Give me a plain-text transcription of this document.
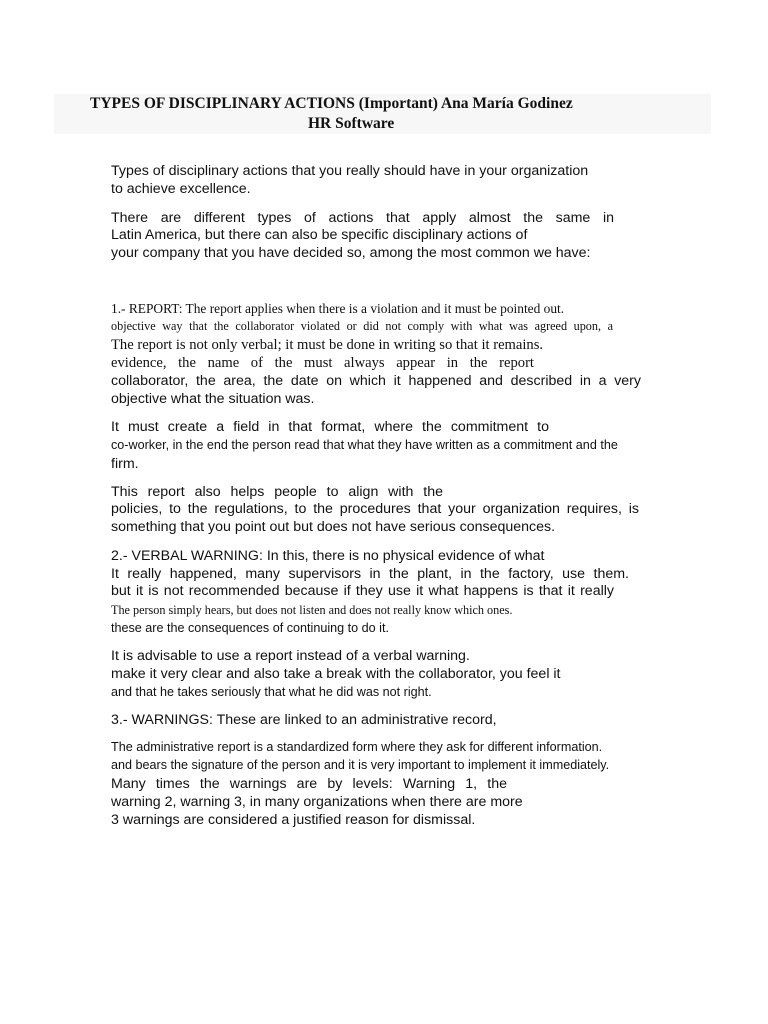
TYPES OF DISCIPLINARY ACTIONS (Important) Ana María Godinez
HR Software

Types of disciplinary actions that you really should have in your organization

to achieve excellence.

There are different types of actions that apply almost the same in

Latin America, but there can also be specific disciplinary actions of

your company that you have decided so, among the most common we have:

1.- REPORT: The report applies when there is a violation and it must be pointed out.

objective way that the collaborator violated or did not comply with what was agreed upon, a

The report is not only verbal; it must be done in writing so that it remains.

evidence, the name of the must always appear in the report

collaborator, the area, the date on which it happened and described in a very

objective what the situation was.

It must create a field in that format, where the commitment to

co-worker, in the end the person read that what they have written as a commitment and the

firm.

This report also helps people to align with the

policies, to the regulations, to the procedures that your organization requires, is

something that you point out but does not have serious consequences.

2.- VERBAL WARNING: In this, there is no physical evidence of what

It really happened, many supervisors in the plant, in the factory, use them.

but it is not recommended because if they use it what happens is that it really

The person simply hears, but does not listen and does not really know which ones.

these are the consequences of continuing to do it.

It is advisable to use a report instead of a verbal warning.

make it very clear and also take a break with the collaborator, you feel it

and that he takes seriously that what he did was not right.

3.- WARNINGS: These are linked to an administrative record,

The administrative report is a standardized form where they ask for different information.

and bears the signature of the person and it is very important to implement it immediately.

Many times the warnings are by levels: Warning 1, the

warning 2, warning 3, in many organizations when there are more

3 warnings are considered a justified reason for dismissal.
